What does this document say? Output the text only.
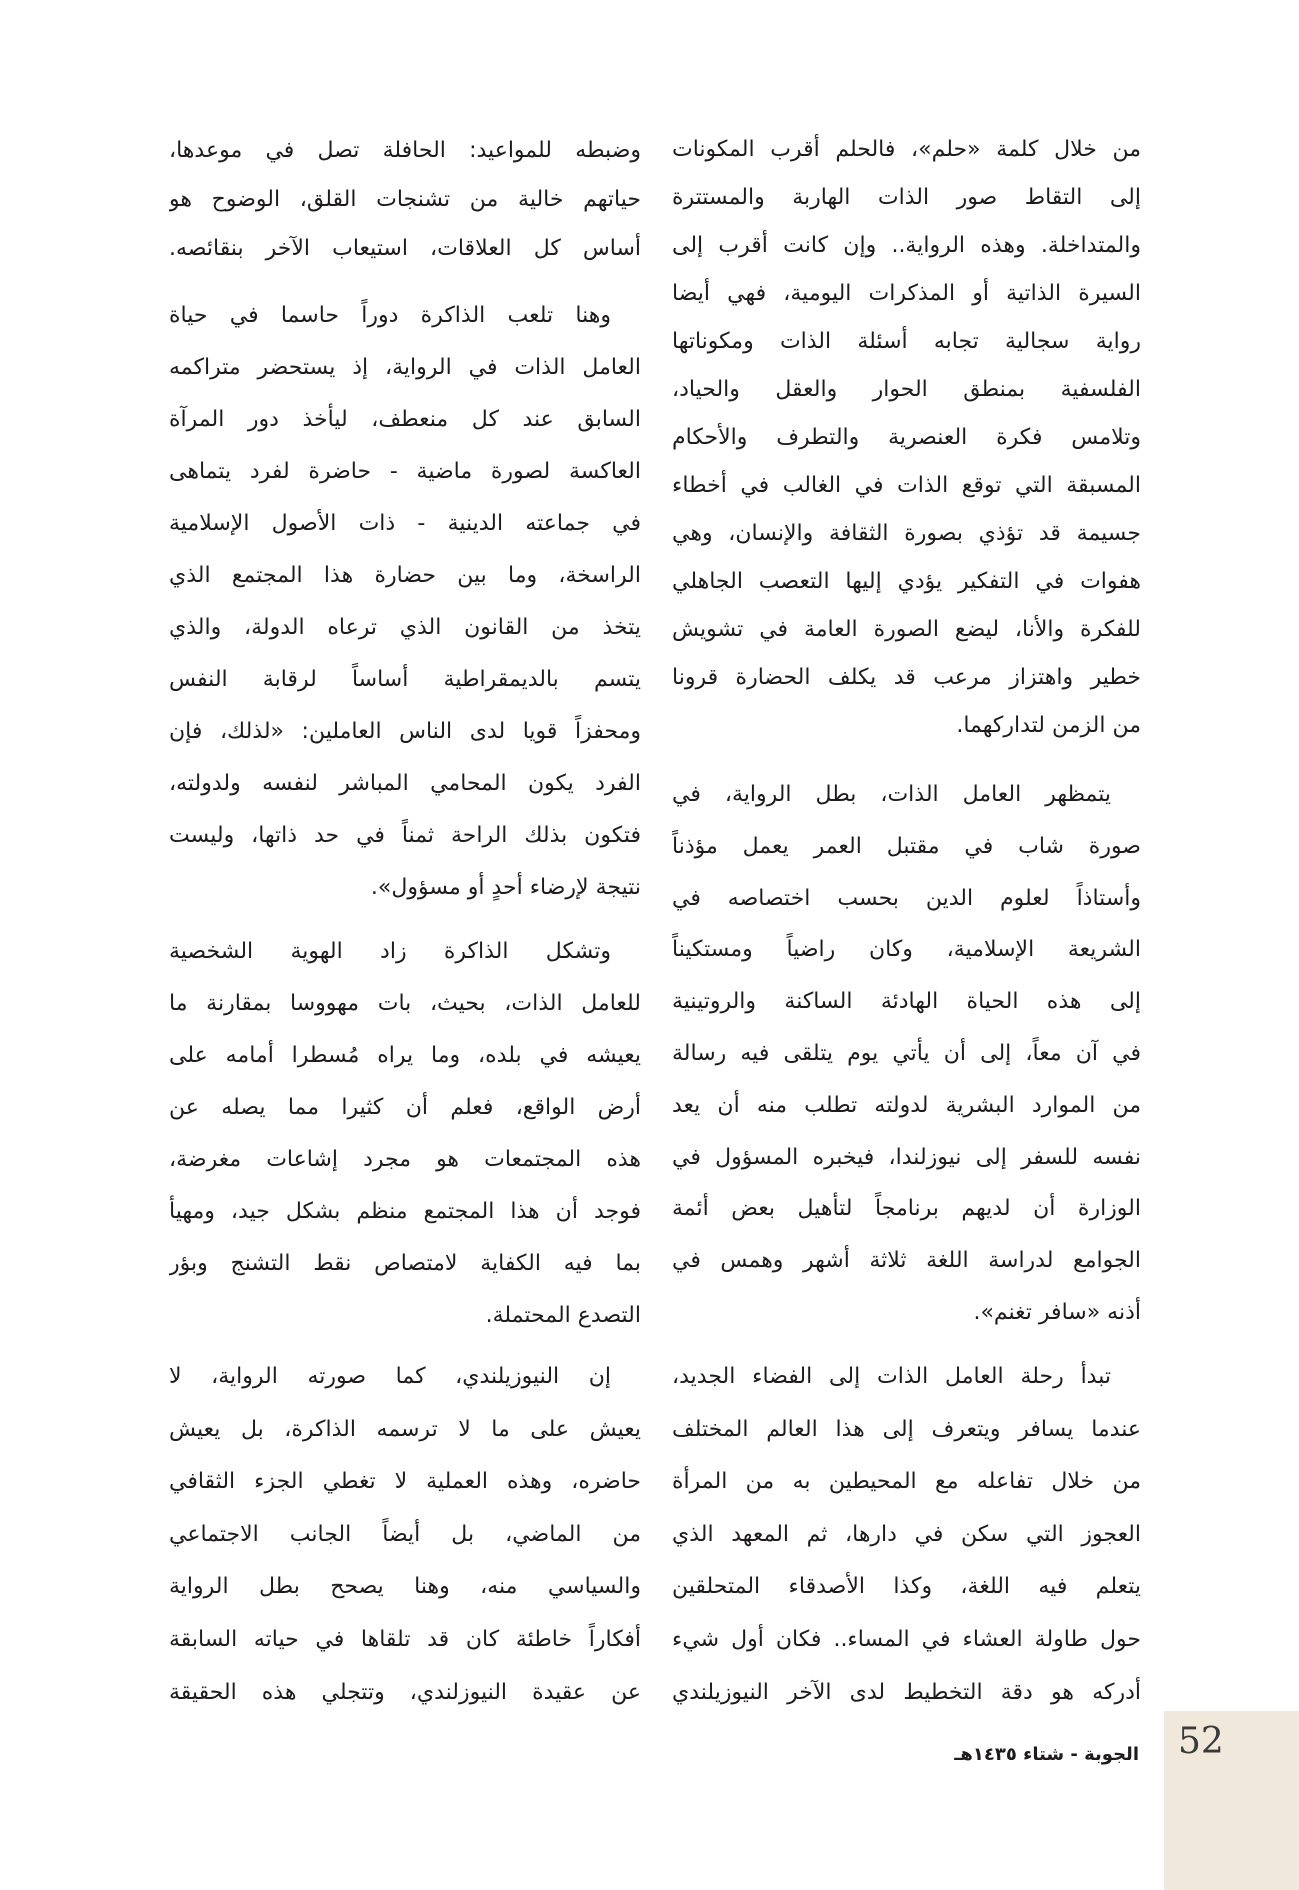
من خلال كلمة «حلم»، فالحلم أقرب المكونات
إلى التقاط صور الذات الهاربة والمستترة
والمتداخلة. وهذه الرواية.. وإن كانت أقرب إلى
السيرة الذاتية أو المذكرات اليومية، فهي أيضا
رواية سجالية تجابه أسئلة الذات ومكوناتها
الفلسفية بمنطق الحوار والعقل والحياد،
وتلامس فكرة العنصرية والتطرف والأحكام
المسبقة التي توقع الذات في الغالب في أخطاء
جسيمة قد تؤذي بصورة الثقافة والإنسان، وهي
هفوات في التفكير يؤدي إليها التعصب الجاهلي
للفكرة والأنا، ليضع الصورة العامة في تشويش
خطير واهتزاز مرعب قد يكلف الحضارة قرونا
من الزمن لتداركهما.
يتمظهر العامل الذات، بطل الرواية، في
صورة شاب في مقتبل العمر يعمل مؤذناً
وأستاذاً لعلوم الدين بحسب اختصاصه في
الشريعة الإسلامية، وكان راضياً ومستكيناً
إلى هذه الحياة الهادئة الساكنة والروتينية
في آن معاً، إلى أن يأتي يوم يتلقى فيه رسالة
من الموارد البشرية لدولته تطلب منه أن يعد
نفسه للسفر إلى نيوزلندا، فيخبره المسؤول في
الوزارة أن لديهم برنامجاً لتأهيل بعض أئمة
الجوامع لدراسة اللغة ثلاثة أشهر وهمس في
أذنه «سافر تغنم».
تبدأ رحلة العامل الذات إلى الفضاء الجديد،
عندما يسافر ويتعرف إلى هذا العالم المختلف
من خلال تفاعله مع المحيطين به من المرأة
العجوز التي سكن في دارها، ثم المعهد الذي
يتعلم فيه اللغة، وكذا الأصدقاء المتحلقين
حول طاولة العشاء في المساء.. فكان أول شيء
أدركه هو دقة التخطيط لدى الآخر النيوزيلندي
وضبطه للمواعيد: الحافلة تصل في موعدها،
حياتهم خالية من تشنجات القلق، الوضوح هو
أساس كل العلاقات، استيعاب الآخر بنقائصه.
وهنا تلعب الذاكرة دوراً حاسما في حياة
العامل الذات في الرواية، إذ يستحضر متراكمه
السابق عند كل منعطف، ليأخذ دور المرآة
العاكسة لصورة ماضية - حاضرة لفرد يتماهى
في جماعته الدينية - ذات الأصول الإسلامية
الراسخة، وما بين حضارة هذا المجتمع الذي
يتخذ من القانون الذي ترعاه الدولة، والذي
يتسم بالديمقراطية أساساً لرقابة النفس
ومحفزاً قويا لدى الناس العاملين: «لذلك، فإن
الفرد يكون المحامي المباشر لنفسه ولدولته،
فتكون بذلك الراحة ثمناً في حد ذاتها، وليست
نتيجة لإرضاء أحدٍ أو مسؤول».
وتشكل الذاكرة زاد الهوية الشخصية
للعامل الذات، بحيث، بات مهووسا بمقارنة ما
يعيشه في بلده، وما يراه مُسطرا أمامه على
أرض الواقع، فعلم أن كثيرا مما يصله عن
هذه المجتمعات هو مجرد إشاعات مغرضة،
فوجد أن هذا المجتمع منظم بشكل جيد، ومهيأ
بما فيه الكفاية لامتصاص نقط التشنج وبؤر
التصدع المحتملة.
إن النيوزيلندي، كما صورته الرواية، لا
يعيش على ما لا ترسمه الذاكرة، بل يعيش
حاضره، وهذه العملية لا تغطي الجزء الثقافي
من الماضي، بل أيضاً الجانب الاجتماعي
والسياسي منه، وهنا يصحح بطل الرواية
أفكاراً خاطئة كان قد تلقاها في حياته السابقة
عن عقيدة النيوزلندي، وتتجلي هذه الحقيقة
الجوبة - شتاء ١٤٣٥هـ 52
